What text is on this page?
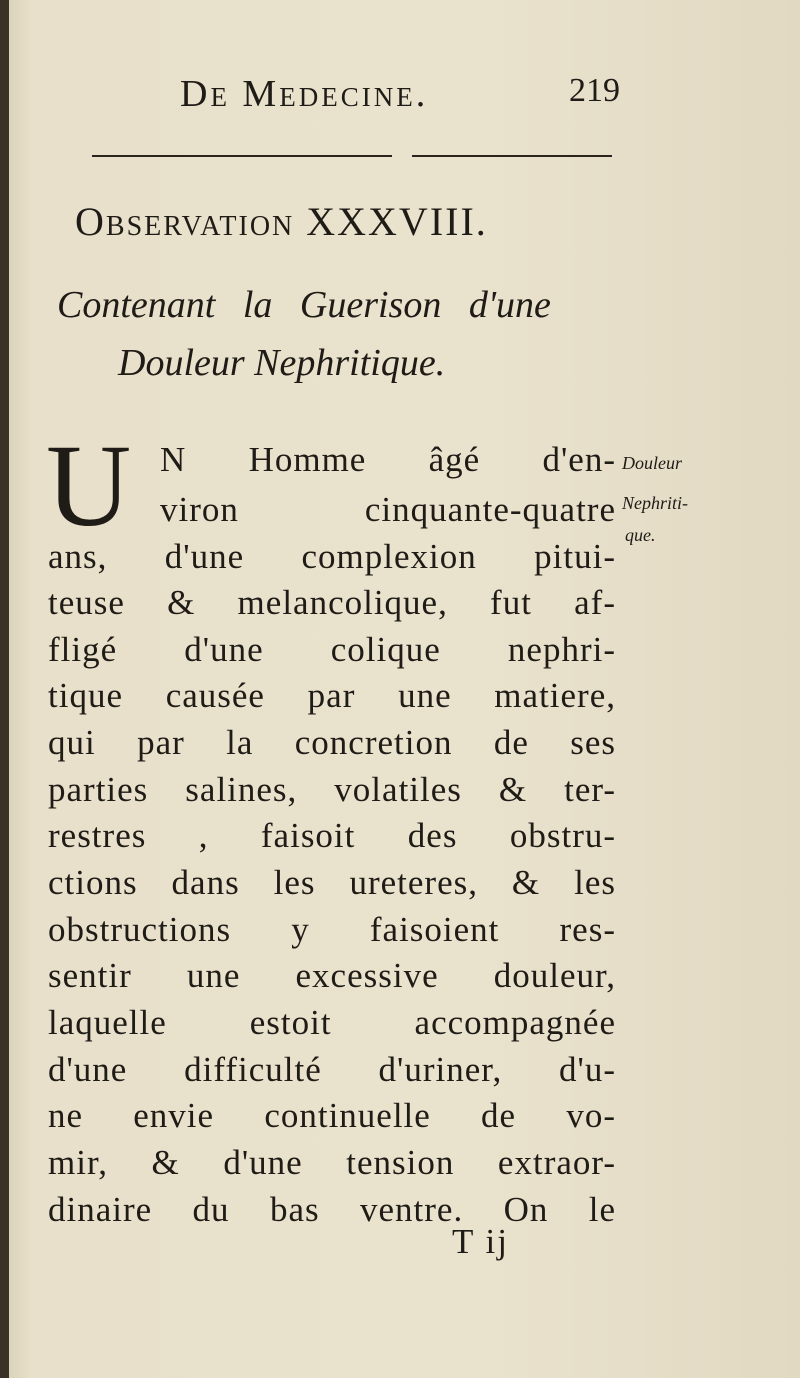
De Medecine.	219
Observation XXXVIII.
Contenant la Guerison d'une
Douleur Nephritique.
U N Homme âgé d'en-
viron cinquante-quatre
ans, d'une complexion pitui-
teuse & melancolique, fut af-
fligé d'une colique nephri-
tique causée par une matiere,
qui par la concretion de ses
parties salines, volatiles & ter-
restres , faisoit des obstru-
ctions dans les ureteres, & les
obstructions y faisoient res-
sentir une excessive douleur,
laquelle estoit accompagnée
d'une difficulté d'uriner, d'u-
ne envie continuelle de vo-
mir, & d'une tension extraor-
dinaire du bas ventre. On le
T ij
Douleur
Nephriti-
que.
